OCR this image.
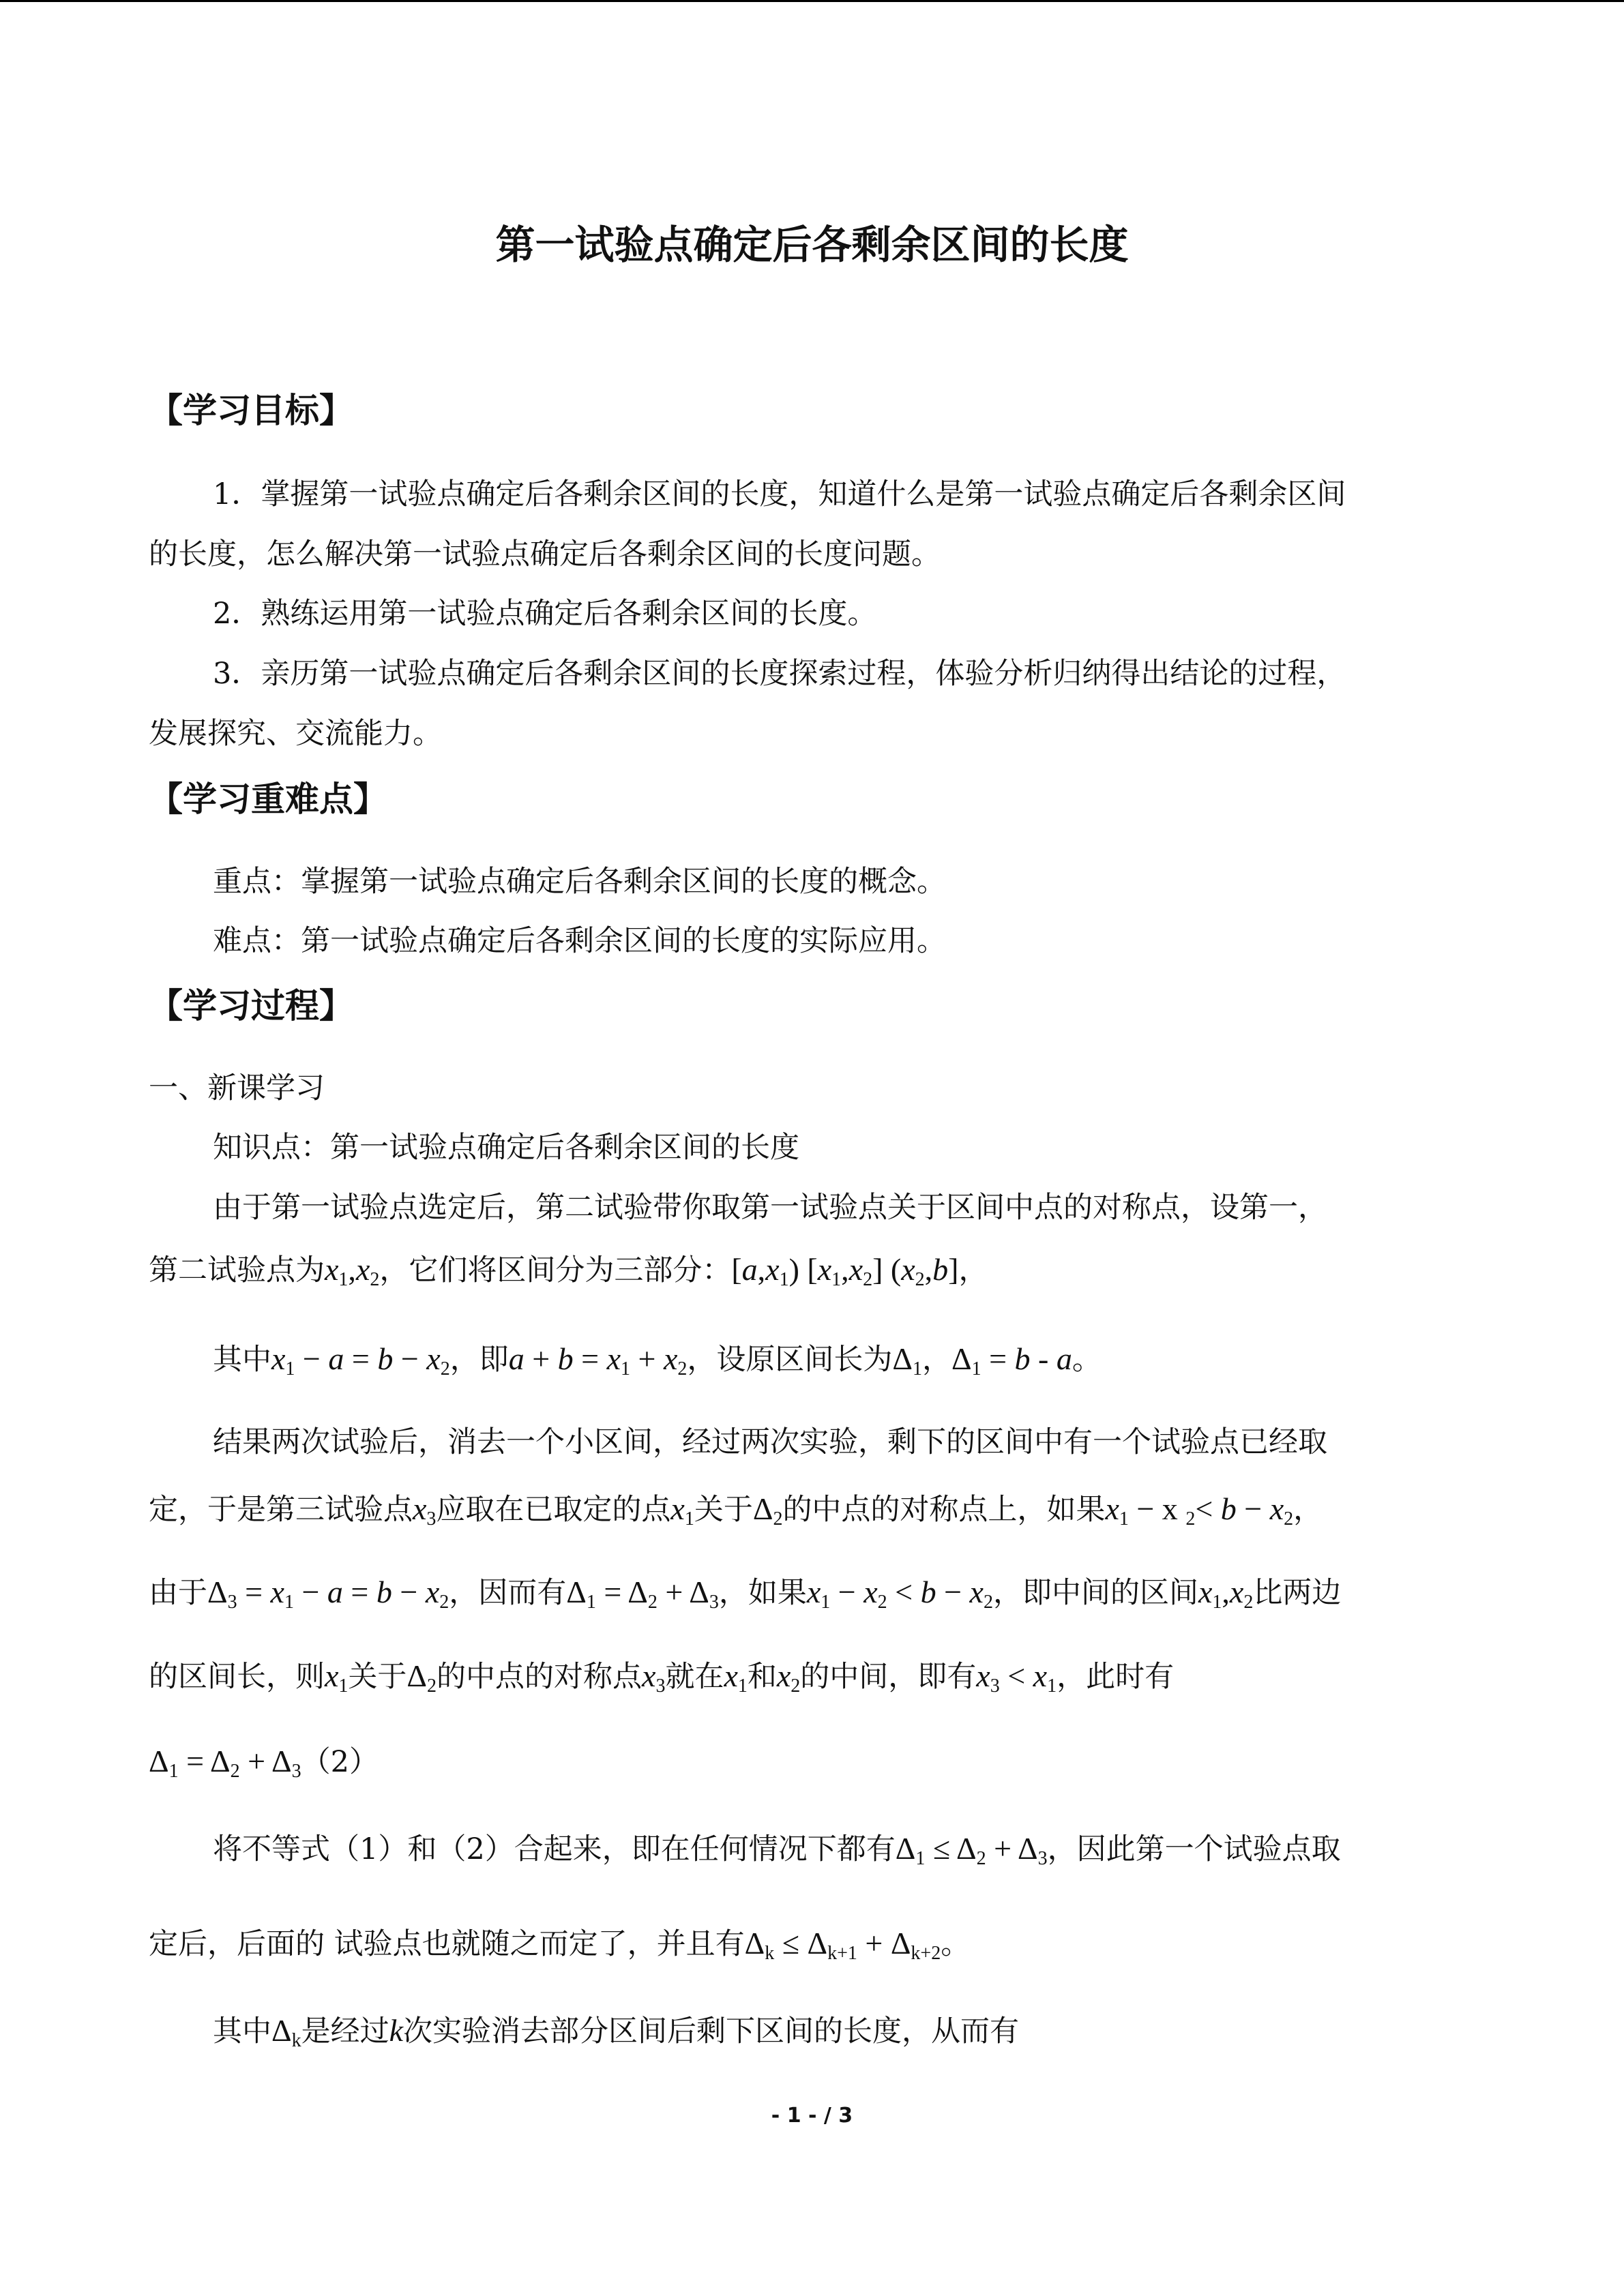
第一试验点确定后各剩余区间的长度
【学习目标】
1．掌握第一试验点确定后各剩余区间的长度，知道什么是第一试验点确定后各剩余区间
的长度，怎么解决第一试验点确定后各剩余区间的长度问题。
2．熟练运用第一试验点确定后各剩余区间的长度。
3．亲历第一试验点确定后各剩余区间的长度探索过程，体验分析归纳得出结论的过程，
发展探究、交流能力。
【学习重难点】
重点：掌握第一试验点确定后各剩余区间的长度的概念。
难点：第一试验点确定后各剩余区间的长度的实际应用。
【学习过程】
一、新课学习
知识点：第一试验点确定后各剩余区间的长度
由于第一试验点选定后，第二试验带你取第一试验点关于区间中点的对称点，设第一，
第二试验点为$x_1,x_2$，它们将区间分为三部分：$[a,x_1)$ $[x_1,x_2]$ $(x_2,b]$，
其中$x_1 - a = b - x_2$，即$a + b = x_1 + x_2$，设原区间长为$\Delta_1$，$\Delta_1 = b - a$。
结果两次试验后，消去一个小区间，经过两次实验，剩下的区间中有一个试验点已经取
定，于是第三试验点$x_3$应取在已取定的点$x_1$关于$\Delta_2$的中点的对称点上，如果$x_1 - x$ $_2< b - x_2$，
由于$\Delta_3 = x_1 - a = b - x_2$，因而有$\Delta_1 = \Delta_2 + \Delta_3$，如果$x_1 - x_2 < b - x_2$，即中间的区间$x_1,x_2$比两边
的区间长，则$x_1$关于$\Delta_2$的中点的对称点$x_3$就在$x_1$和$x_2$的中间，即有$x_3 < x_1$，此时有
$\Delta_1 = \Delta_2 + \Delta_3(2)$
将不等式（1）和（2）合起来，即在任何情况下都有$\Delta_1 \le \Delta_2 + \Delta_3$，因此第一个试验点取
定后，后面的 试验点也就随之而定了，并且有$\Delta_k \le \Delta_{k+1} + \Delta_{k+2}$。
其中$\Delta_k$是经过k次实验消去部分区间后剩下区间的长度，从而有
- 1 - / 3
